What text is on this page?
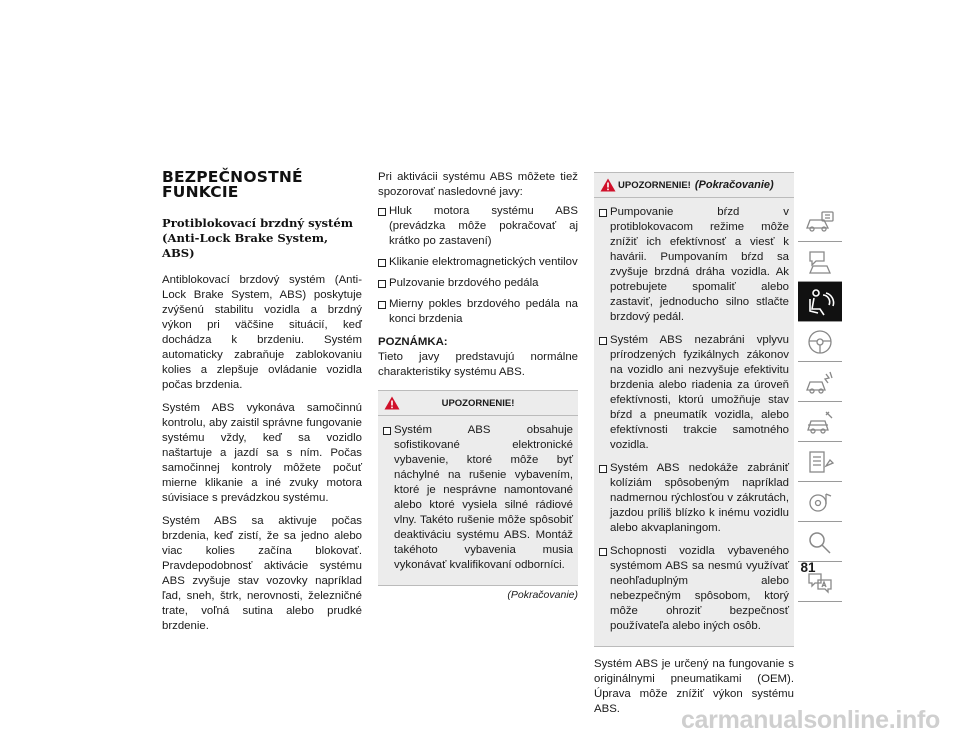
BEZPEČNOSTNÉ FUNKCIE
Protiblokovací brzdný systém (Anti-Lock Brake System, ABS)

Antiblokovací brzdový systém (Anti-Lock Brake System, ABS) poskytuje zvýšenú stabilitu vozidla a brzdný výkon pri väčšine situácií, keď dochádza k brzdeniu. Systém automaticky zabraňuje zablokovaniu kolies a zlepšuje ovládanie vozidla počas brzdenia.

Systém ABS vykonáva samočinnú kontrolu, aby zaistil správne fungovanie systému vždy, keď sa vozidlo naštartuje a jazdí sa s ním. Počas samočinnej kontroly môžete počuť mierne klikanie a iné zvuky motora súvisiace s prevádzkou systému.

Systém ABS sa aktivuje počas brzdenia, keď zistí, že sa jedno alebo viac kolies začína blokovať. Pravdepodobnosť aktivácie systému ABS zvyšuje stav vozovky napríklad ľad, sneh, štrk, nerovnosti, železničné trate, voľná sutina alebo prudké brzdenie.

Pri aktivácii systému ABS môžete tiež spozorovať nasledovné javy:

Hluk motora systému ABS (prevádzka môže pokračovať aj krátko po zastavení)
Klikanie elektromagnetických ventilov
Pulzovanie brzdového pedála
Mierny pokles brzdového pedála na konci brzdenia

POZNÁMKA:

Tieto javy predstavujú normálne charakteristiky systému ABS.

UPOZORNENIE!
Systém ABS obsahuje sofistikované elektronické vybavenie, ktoré môže byť náchylné na rušenie vybavením, ktoré je nesprávne namontované alebo ktoré vysiela silné rádiové vlny. Takéto rušenie môže spôsobiť deaktiváciu systému ABS. Montáž takéhoto vybavenia musia vykonávať kvalifikovaní odborníci.
(Pokračovanie)
UPOZORNENIE! (Pokračovanie)
Pumpovanie bŕzd v protiblokovacom režime môže znížiť ich efektívnosť a viesť k havárii. Pumpovaním bŕzd sa zvyšuje brzdná dráha vozidla. Ak potrebujete spomaliť alebo zastaviť, jednoducho silno stlačte brzdový pedál.
Systém ABS nezabráni vplyvu prírodzených fyzikálnych zákonov na vozidlo ani nezvyšuje efektivitu brzdenia alebo riadenia za úroveň efektívnosti, ktorú umožňuje stav bŕzd a pneumatík vozidla, alebo efektívnosti trakcie samotného vozidla.
Systém ABS nedokáže zabrániť kolíziám spôsobeným napríklad nadmernou rýchlosťou v zákrutách, jazdou príliš blízko k inému vozidlu alebo akvaplaningom.
Schopnosti vozidla vybaveného systémom ABS sa nesmú využívať neohľaduplným alebo nebezpečným spôsobom, ktorý môže ohroziť bezpečnosť používateľa alebo iných osôb.

Systém ABS je určený na fungovanie s originálnymi pneumatikami (OEM). Úprava môže znížiť výkon systému ABS.

81
carmanualsonline.info
